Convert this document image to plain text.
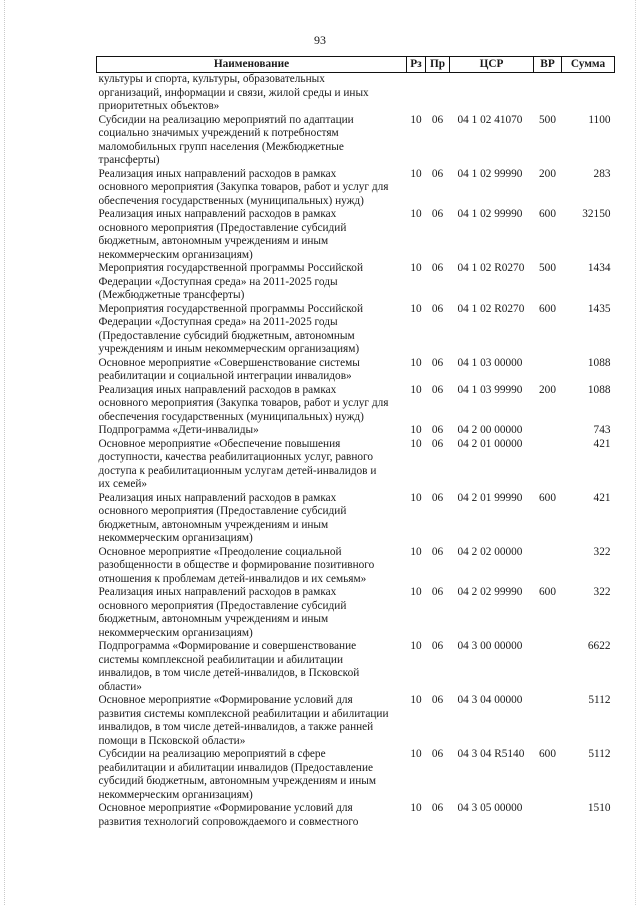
93
Наименование	Рз	Пр	ЦСР	ВР	Сумма

культуры и спорта, культуры, образовательных
организаций, информации и связи, жилой среды и иных
приоритетных объектов»					

Субсидии на реализацию мероприятий по адаптации
социально значимых учреждений к потребностям
маломобильных групп населения (Межбюджетные
трансферты)	10	06	04 1 02 41070	500	1100

Реализация иных направлений расходов в рамках
основного мероприятия (Закупка товаров, работ и услуг для
обеспечения государственных (муниципальных) нужд)	10	06	04 1 02 99990	200	283

Реализация иных направлений расходов в рамках
основного мероприятия (Предоставление субсидий
бюджетным, автономным учреждениям и иным
некоммерческим организациям)	10	06	04 1 02 99990	600	32150

Мероприятия государственной программы Российской
Федерации «Доступная среда» на 2011-2025 годы
(Межбюджетные трансферты)	10	06	04 1 02 R0270	500	1434

Мероприятия государственной программы Российской
Федерации «Доступная среда» на 2011-2025 годы
(Предоставление субсидий бюджетным, автономным
учреждениям и иным некоммерческим организациям)	10	06	04 1 02 R0270	600	1435

Основное мероприятие «Совершенствование системы
реабилитации и социальной интеграции инвалидов»	10	06	04 1 03 00000		1088

Реализация иных направлений расходов в рамках
основного мероприятия (Закупка товаров, работ и услуг для
обеспечения государственных (муниципальных) нужд)	10	06	04 1 03 99990	200	1088

Подпрограмма «Дети-инвалиды»	10	06	04 2 00 00000		743

Основное мероприятие «Обеспечение повышения
доступности, качества реабилитационных услуг, равного
доступа к реабилитационным услугам детей-инвалидов и
их семей»	10	06	04 2 01 00000		421

Реализация иных направлений расходов в рамках
основного мероприятия (Предоставление субсидий
бюджетным, автономным учреждениям и иным
некоммерческим организациям)	10	06	04 2 01 99990	600	421

Основное мероприятие «Преодоление социальной
разобщенности в обществе и формирование позитивного
отношения к проблемам детей-инвалидов и их семьям»	10	06	04 2 02 00000		322

Реализация иных направлений расходов в рамках
основного мероприятия (Предоставление субсидий
бюджетным, автономным учреждениям и иным
некоммерческим организациям)	10	06	04 2 02 99990	600	322

Подпрограмма «Формирование и совершенствование
системы комплексной реабилитации и абилитации
инвалидов, в том числе детей-инвалидов, в Псковской
области»	10	06	04 3 00 00000		6622

Основное мероприятие «Формирование условий для
развития системы комплексной реабилитации и абилитации
инвалидов, в том числе детей-инвалидов, а также ранней
помощи в Псковской области»	10	06	04 3 04 00000		5112

Субсидии на реализацию мероприятий в сфере
реабилитации и абилитации инвалидов (Предоставление
субсидий бюджетным, автономным учреждениям и иным
некоммерческим организациям)	10	06	04 3 04 R5140	600	5112

Основное мероприятие «Формирование условий для
развития технологий сопровождаемого и совместного	10	06	04 3 05 00000		1510
